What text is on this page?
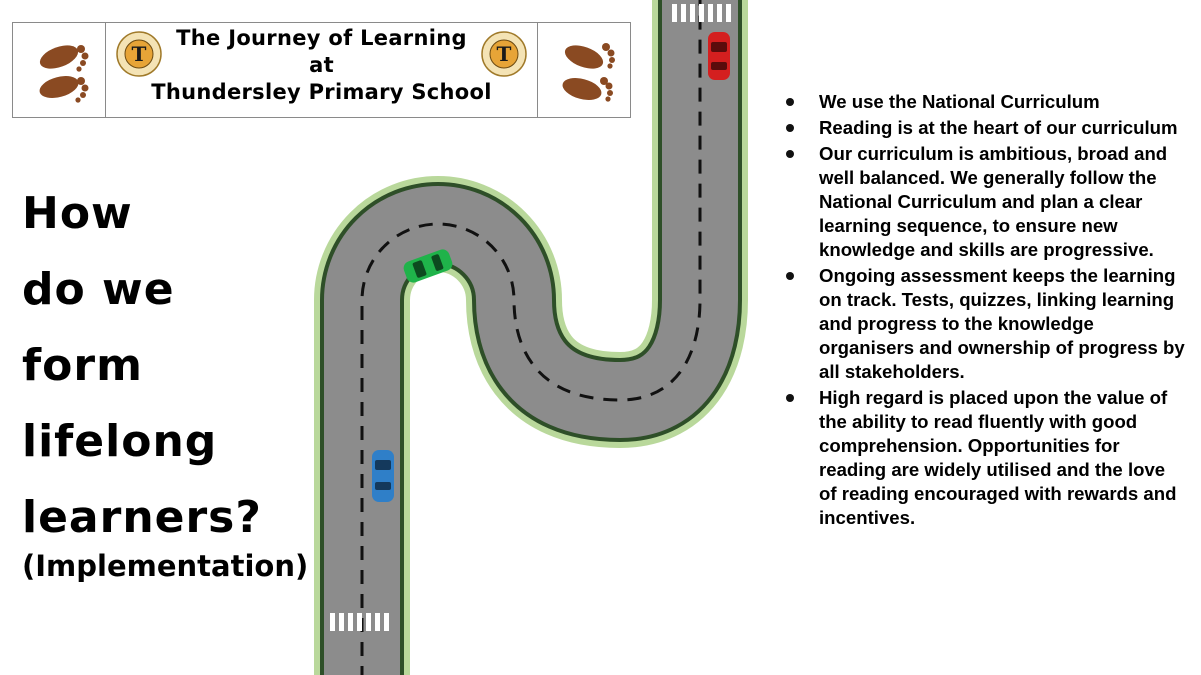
T
The Journey of Learning
at
Thundersley Primary School
T
How
do we
form
lifelong
learners?
(Implementation)
We use the National Curriculum
Reading is at the heart of our curriculum
Our curriculum is ambitious, broad and well balanced. We generally follow the National Curriculum and plan a clear learning sequence, to ensure new knowledge and skills are progressive.
Ongoing assessment keeps the learning on track. Tests, quizzes, linking learning and progress to the knowledge organisers and ownership of progress by all stakeholders.
High regard is placed upon the value of the ability to read fluently with good comprehension. Opportunities for reading are widely utilised and the love of reading encouraged with rewards and incentives.
